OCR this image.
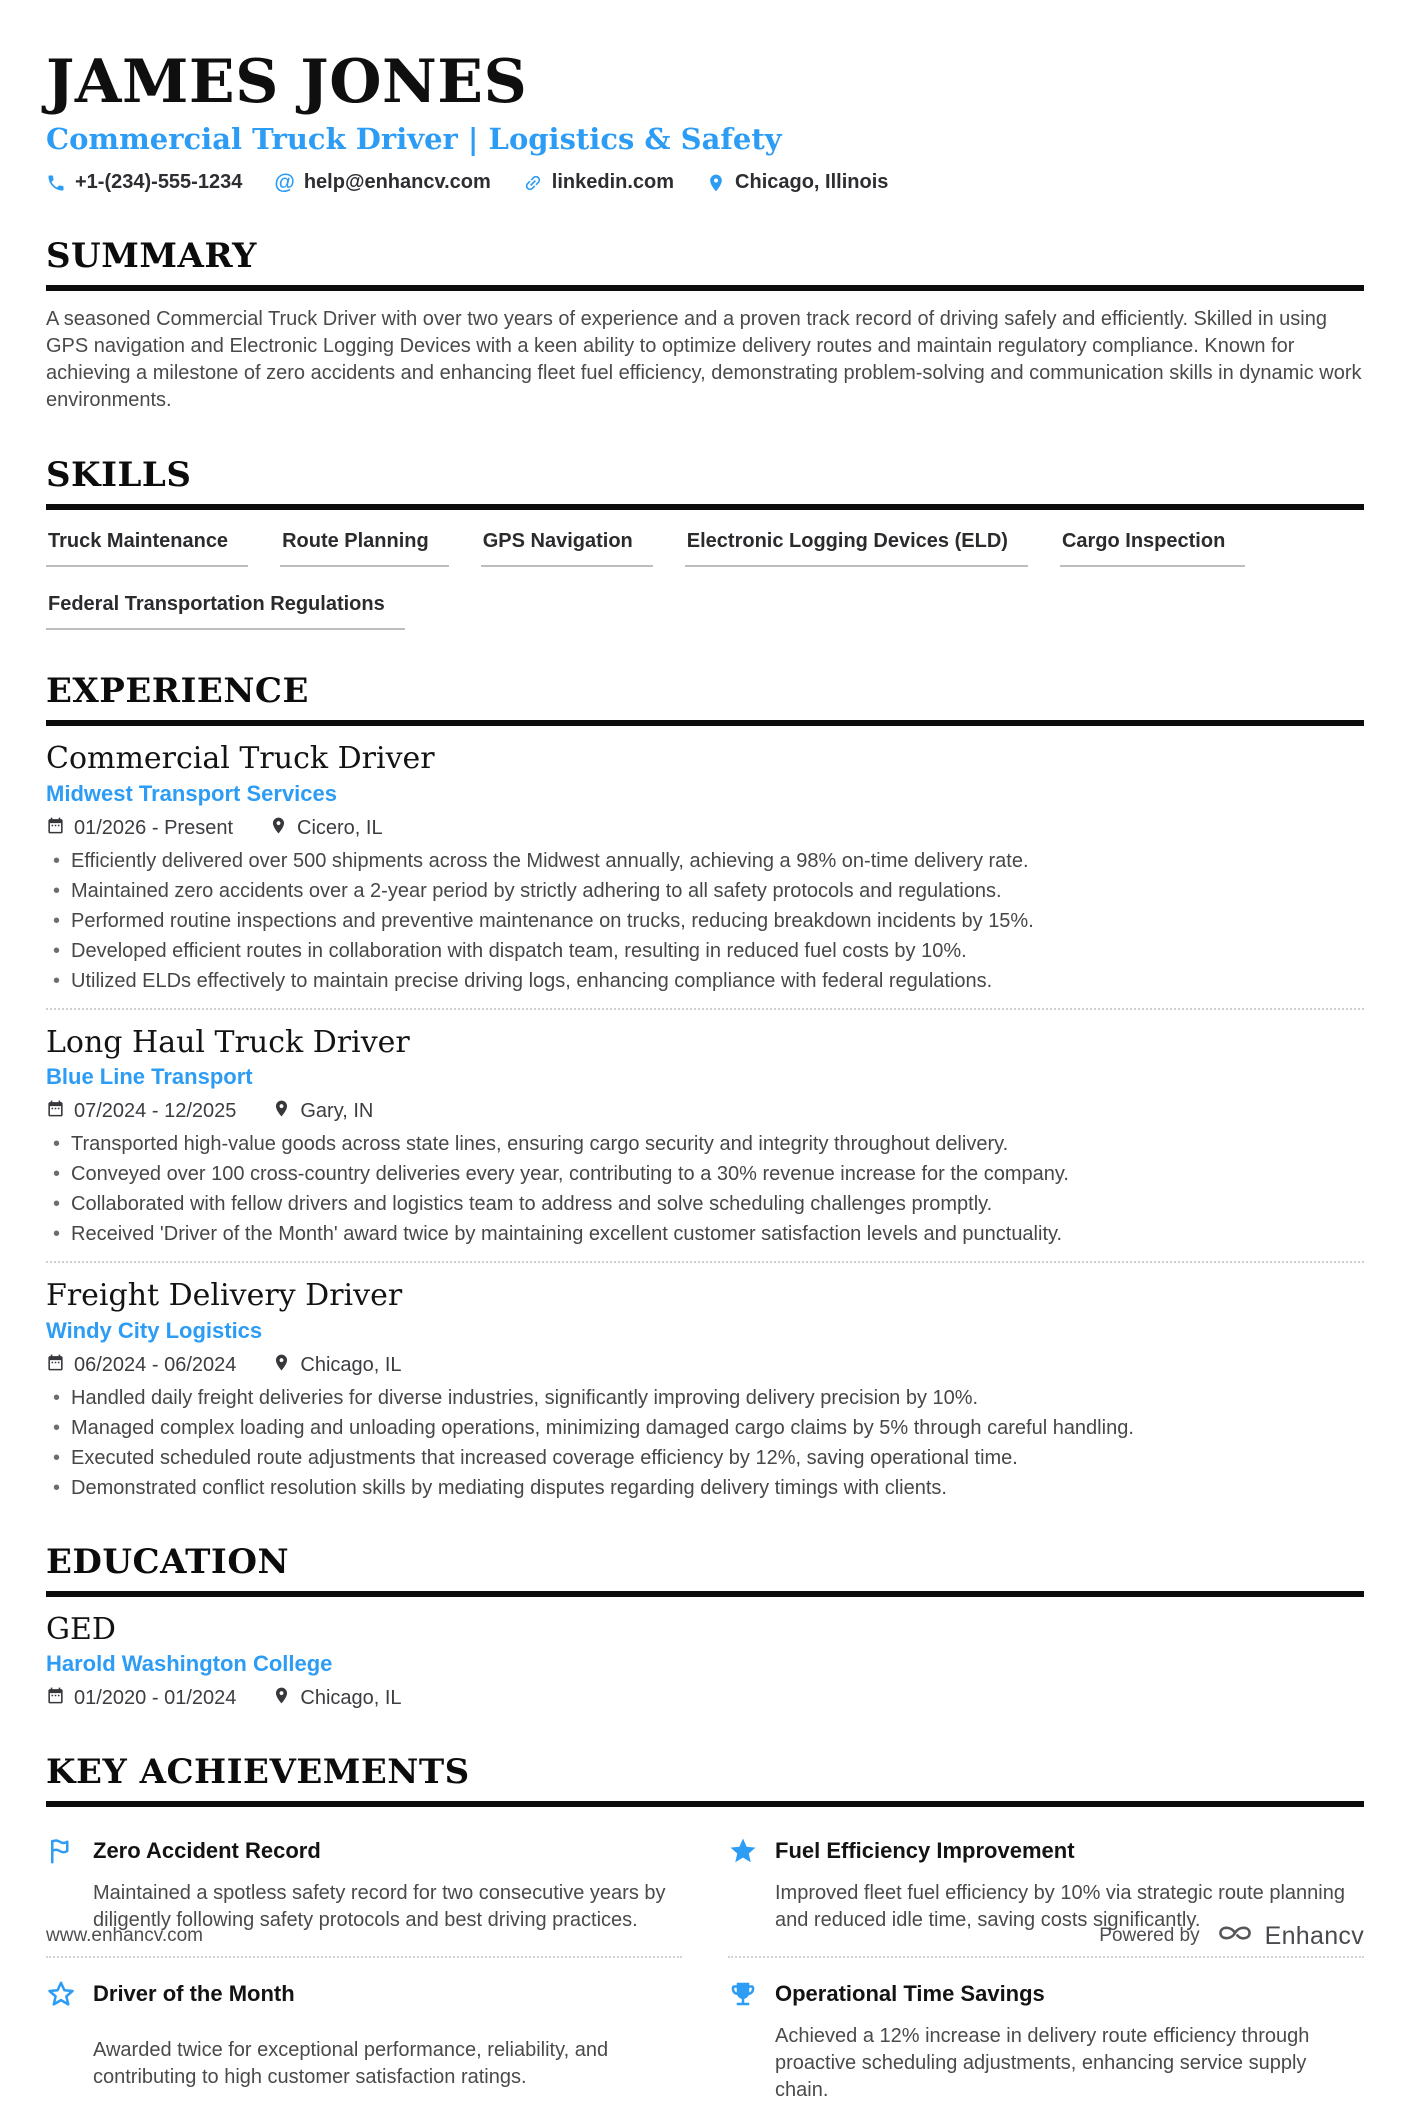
JAMES JONES
Commercial Truck Driver | Logistics & Safety
+1-(234)-555-1234 @ help@enhancv.com	linkedin.com	Chicago, Illinois
SUMMARY

A seasoned Commercial Truck Driver with over two years of experience and a proven track record of driving safely and efficiently. Skilled in using GPS navigation and Electronic Logging Devices with a keen ability to optimize delivery routes and maintain regulatory compliance. Known for achieving a milestone of zero accidents and enhancing fleet fuel efficiency, demonstrating problem-solving and communication skills in dynamic work environments.

SKILLS
Truck Maintenance	Route Planning	GPS Navigation	Electronic Logging Devices (ELD)	Cargo Inspection
Federal Transportation Regulations
EXPERIENCE
Commercial Truck Driver
Midwest Transport Services
01/2026 - Present	Cicero, IL
• Efficiently delivered over 500 shipments across the Midwest annually, achieving a 98% on-time delivery rate.
• Maintained zero accidents over a 2-year period by strictly adhering to all safety protocols and regulations.
• Performed routine inspections and preventive maintenance on trucks, reducing breakdown incidents by 15%.
• Developed efficient routes in collaboration with dispatch team, resulting in reduced fuel costs by 10%.
• Utilized ELDs effectively to maintain precise driving logs, enhancing compliance with federal regulations.
Long Haul Truck Driver
Blue Line Transport
07/2024 - 12/2025	Gary, IN
• Transported high-value goods across state lines, ensuring cargo security and integrity throughout delivery.
• Conveyed over 100 cross-country deliveries every year, contributing to a 30% revenue increase for the company.
• Collaborated with fellow drivers and logistics team to address and solve scheduling challenges promptly.
• Received 'Driver of the Month' award twice by maintaining excellent customer satisfaction levels and punctuality.
Freight Delivery Driver
Windy City Logistics
06/2024 - 06/2024	Chicago, IL
• Handled daily freight deliveries for diverse industries, significantly improving delivery precision by 10%.
• Managed complex loading and unloading operations, minimizing damaged cargo claims by 5% through careful handling.
• Executed scheduled route adjustments that increased coverage efficiency by 12%, saving operational time.
• Demonstrated conflict resolution skills by mediating disputes regarding delivery timings with clients.
EDUCATION
GED
Harold Washington College
01/2020 - 01/2024	Chicago, IL
KEY ACHIEVEMENTS
Zero Accident Record
Maintained a spotless safety record for two consecutive years by diligently following safety protocols and best driving practices.
Fuel Efficiency Improvement
Improved fleet fuel efficiency by 10% via strategic route planning and reduced idle time, saving costs significantly.
Driver of the Month
Awarded twice for exceptional performance, reliability, and contributing to high customer satisfaction ratings.
Operational Time Savings
Achieved a 12% increase in delivery route efficiency through proactive scheduling adjustments, enhancing service supply chain.
www.enhancv.com	Powered by	Enhancv
